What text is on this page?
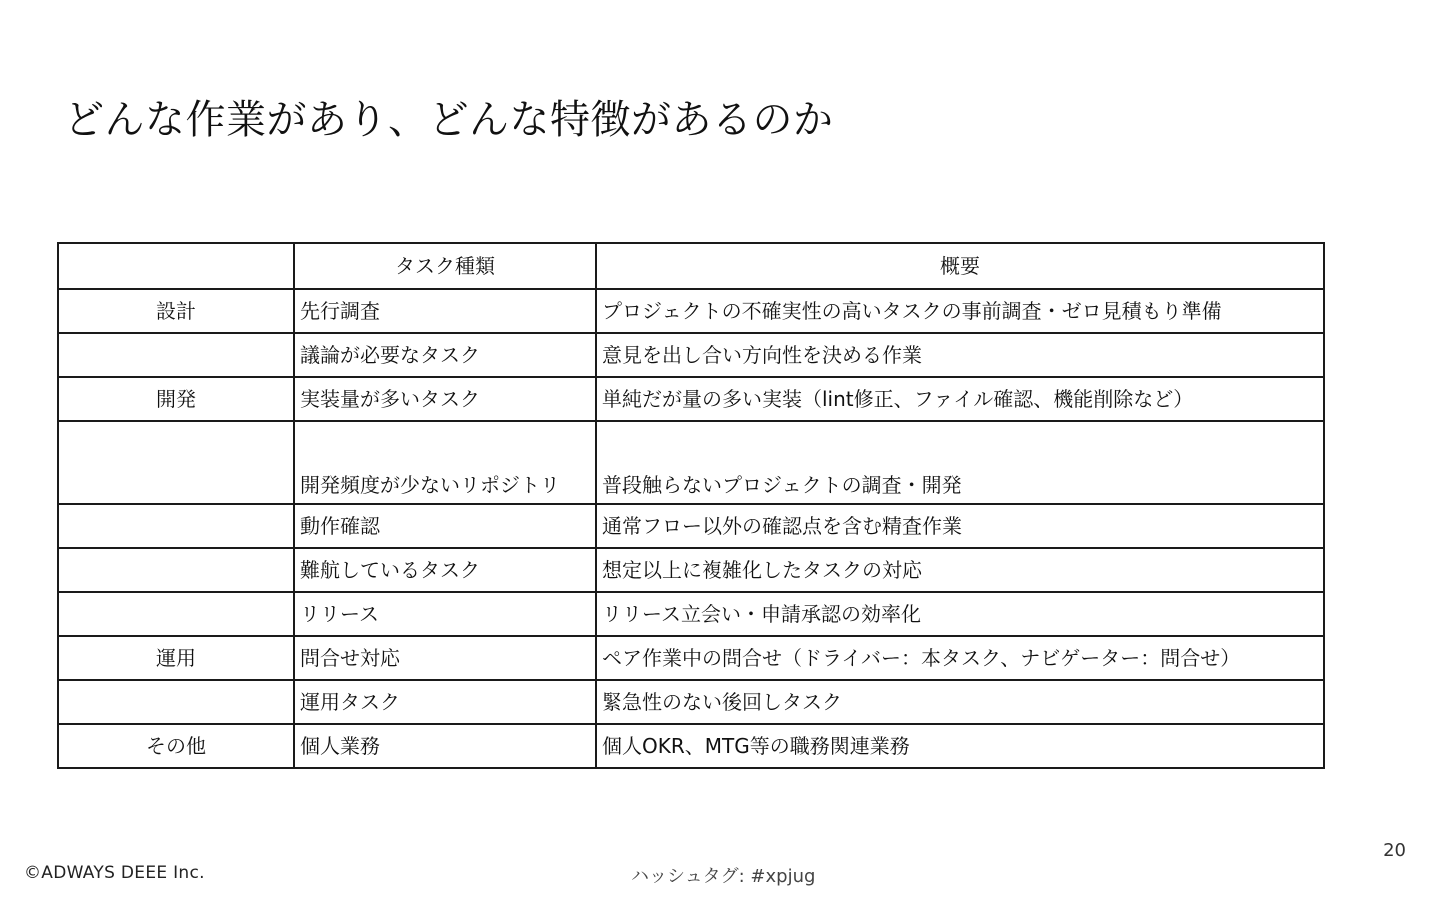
どんな作業があり、どんな特徴があるのか
	タスク種類	概要
設計	先行調査	プロジェクトの不確実性の高いタスクの事前調査・ゼロ見積もり準備
	議論が必要なタスク	意見を出し合い方向性を決める作業
開発	実装量が多いタスク	単純だが量の多い実装（lint修正、ファイル確認、機能削除など）
	開発頻度が少ないリポジトリ	普段触らないプロジェクトの調査・開発
	動作確認	通常フロー以外の確認点を含む精査作業
	難航しているタスク	想定以上に複雑化したタスクの対応
	リリース	リリース立会い・申請承認の効率化
運用	問合せ対応	ペア作業中の問合せ（ドライバー：本タスク、ナビゲーター：問合せ）
	運用タスク	緊急性のない後回しタスク
その他	個人業務	個人OKR、MTG等の職務関連業務
20
©ADWAYS DEEE Inc.	ハッシュタグ: #xpjug
